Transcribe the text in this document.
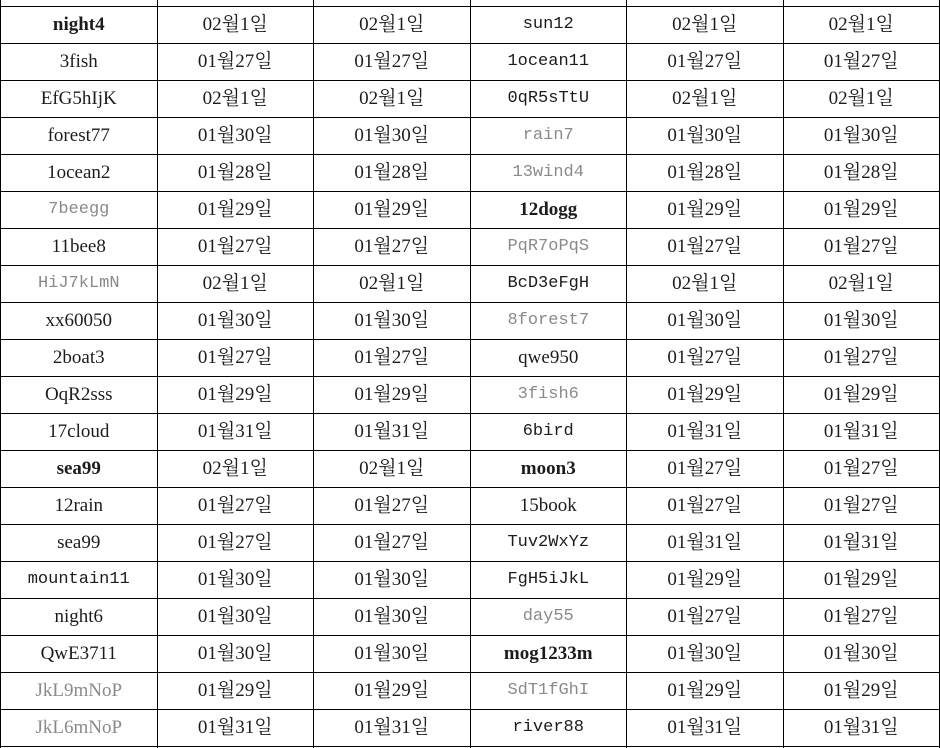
night4	02월1일	02월1일	sun12	02월1일	02월1일
3fish	01월27일	01월27일	1ocean11	01월27일	01월27일
EfG5hIjK	02월1일	02월1일	0qR5sTtU	02월1일	02월1일
forest77	01월30일	01월30일	rain7	01월30일	01월30일
1ocean2	01월28일	01월28일	13wind4	01월28일	01월28일
7beegg	01월29일	01월29일	12dogg	01월29일	01월29일
11bee8	01월27일	01월27일	PqR7oPqS	01월27일	01월27일
HiJ7kLmN	02월1일	02월1일	BcD3eFgH	02월1일	02월1일
xx60050	01월30일	01월30일	8forest7	01월30일	01월30일
2boat3	01월27일	01월27일	qwe950	01월27일	01월27일
OqR2sss	01월29일	01월29일	3fish6	01월29일	01월29일
17cloud	01월31일	01월31일	6bird	01월31일	01월31일
sea99	02월1일	02월1일	moon3	01월27일	01월27일
12rain	01월27일	01월27일	15book	01월27일	01월27일
sea99	01월27일	01월27일	Tuv2WxYz	01월31일	01월31일
mountain11	01월30일	01월30일	FgH5iJkL	01월29일	01월29일
night6	01월30일	01월30일	day55	01월27일	01월27일
QwE3711	01월30일	01월30일	mog1233m	01월30일	01월30일
JkL9mNoP	01월29일	01월29일	SdT1fGhI	01월29일	01월29일
JkL6mNoP	01월31일	01월31일	river88	01월31일	01월31일
